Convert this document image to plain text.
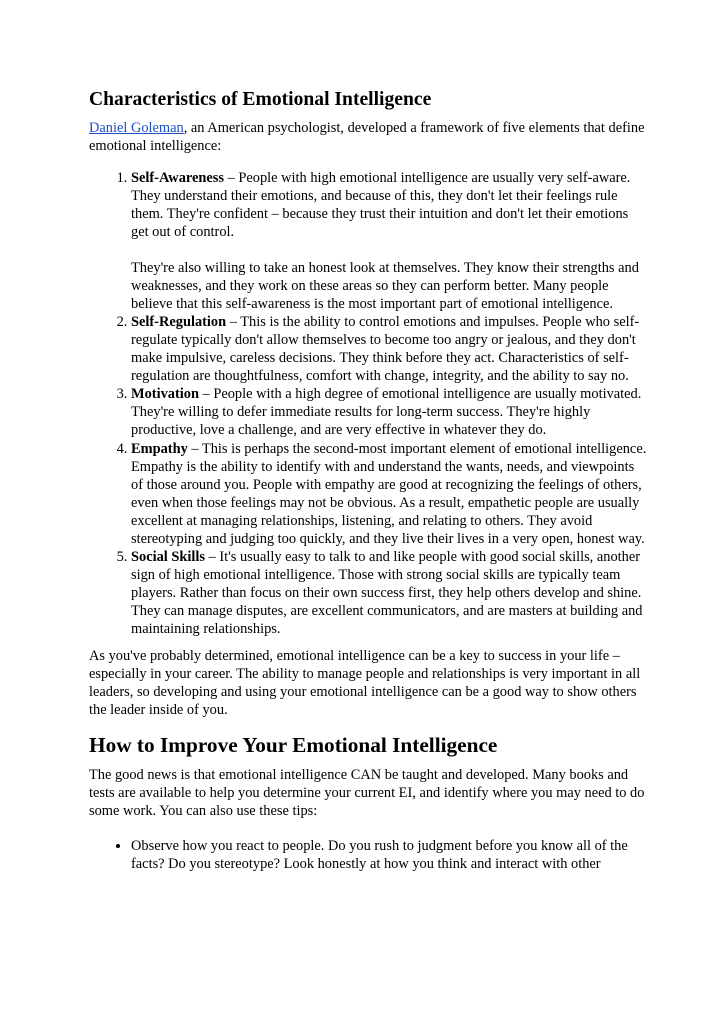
Characteristics of Emotional Intelligence

Daniel Goleman, an American psychologist, developed a framework of five elements that define emotional intelligence:

1. Self-Awareness – People with high emotional intelligence are usually very self-aware. They understand their emotions, and because of this, they don't let their feelings rule them. They're confident – because they trust their intuition and don't let their emotions get out of control.

They're also willing to take an honest look at themselves. They know their strengths and weaknesses, and they work on these areas so they can perform better. Many people believe that this self-awareness is the most important part of emotional intelligence.

2. Self-Regulation – This is the ability to control emotions and impulses. People who self-regulate typically don't allow themselves to become too angry or jealous, and they don't make impulsive, careless decisions. They think before they act. Characteristics of self-regulation are thoughtfulness, comfort with change, integrity, and the ability to say no.
3. Motivation – People with a high degree of emotional intelligence are usually motivated. They're willing to defer immediate results for long-term success. They're highly productive, love a challenge, and are very effective in whatever they do.
4. Empathy – This is perhaps the second-most important element of emotional intelligence. Empathy is the ability to identify with and understand the wants, needs, and viewpoints of those around you. People with empathy are good at recognizing the feelings of others, even when those feelings may not be obvious. As a result, empathetic people are usually excellent at managing relationships, listening, and relating to others. They avoid stereotyping and judging too quickly, and they live their lives in a very open, honest way.
5. Social Skills – It's usually easy to talk to and like people with good social skills, another sign of high emotional intelligence. Those with strong social skills are typically team players. Rather than focus on their own success first, they help others develop and shine. They can manage disputes, are excellent communicators, and are masters at building and maintaining relationships.

As you've probably determined, emotional intelligence can be a key to success in your life – especially in your career. The ability to manage people and relationships is very important in all leaders, so developing and using your emotional intelligence can be a good way to show others the leader inside of you.

How to Improve Your Emotional Intelligence

The good news is that emotional intelligence CAN be taught and developed. Many books and tests are available to help you determine your current EI, and identify where you may need to do some work. You can also use these tips:

• Observe how you react to people. Do you rush to judgment before you know all of the facts? Do you stereotype? Look honestly at how you think and interact with other
